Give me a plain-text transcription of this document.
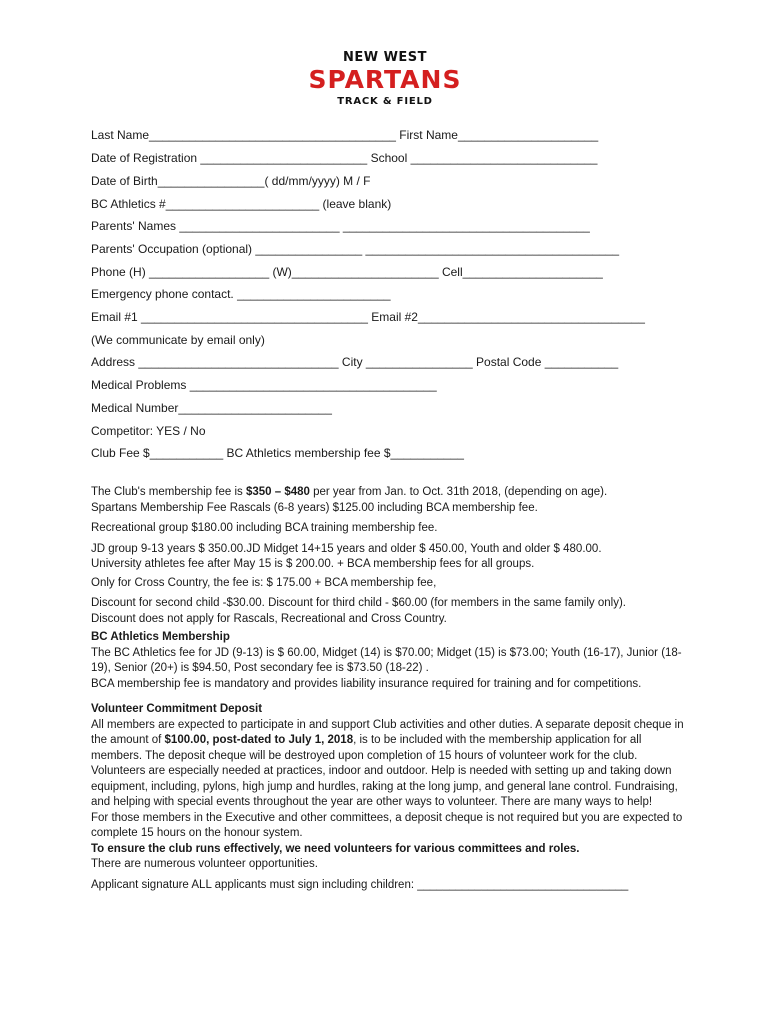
NEW WEST
SPARTANS
TRACK & FIELD
Last Name_____________________________________ First Name_____________________
Date of Registration _________________________ School ____________________________
Date of Birth________________( dd/mm/yyyy) M / F
BC Athletics #_______________________ (leave blank)
Parents' Names ________________________ _____________________________________
Parents' Occupation (optional) ________________ ______________________________________
Phone (H) __________________ (W)______________________ Cell_____________________
Emergency phone contact. _______________________
Email #1 __________________________________ Email #2__________________________________
(We communicate by email only)
Address ______________________________ City ________________ Postal Code ___________
Medical Problems _____________________________________
Medical Number_______________________
Competitor: YES / No
Club Fee $___________ BC Athletics membership fee $___________

The Club's membership fee is $350 – $480 per year from Jan. to Oct. 31th 2018, (depending on age).

Spartans Membership Fee Rascals (6-8 years) $125.00 including BCA membership fee.

Recreational group $180.00 including BCA training membership fee.

JD group 9-13 years $ 350.00.JD Midget 14+15 years and older $ 450.00, Youth and older $ 480.00.

University athletes fee after May 15 is $ 200.00. + BCA membership fees for all groups.

Only for Cross Country, the fee is: $ 175.00 + BCA membership fee,

Discount for second child -$30.00. Discount for third child - $60.00 (for members in the same family only).

Discount does not apply for Rascals, Recreational and Cross Country.

BC Athletics Membership

The BC Athletics fee for JD (9-13) is $ 60.00, Midget (14) is $70.00; Midget (15) is $73.00; Youth (16-17), Junior (18-19), Senior (20+) is $94.50, Post secondary fee is $73.50 (18-22) .

BCA membership fee is mandatory and provides liability insurance required for training and for competitions.

Volunteer Commitment Deposit

All members are expected to participate in and support Club activities and other duties. A separate deposit cheque in the amount of $100.00, post-dated to July 1, 2018, is to be included with the membership application for all members. The deposit cheque will be destroyed upon completion of 15 hours of volunteer work for the club.

Volunteers are especially needed at practices, indoor and outdoor. Help is needed with setting up and taking down equipment, including, pylons, high jump and hurdles, raking at the long jump, and general lane control. Fundraising, and helping with special events throughout the year are other ways to volunteer. There are many ways to help!

For those members in the Executive and other committees, a deposit cheque is not required but you are expected to complete 15 hours on the honour system.

To ensure the club runs effectively, we need volunteers for various committees and roles.

There are numerous volunteer opportunities.

Applicant signature ALL applicants must sign including children: _________________________________
